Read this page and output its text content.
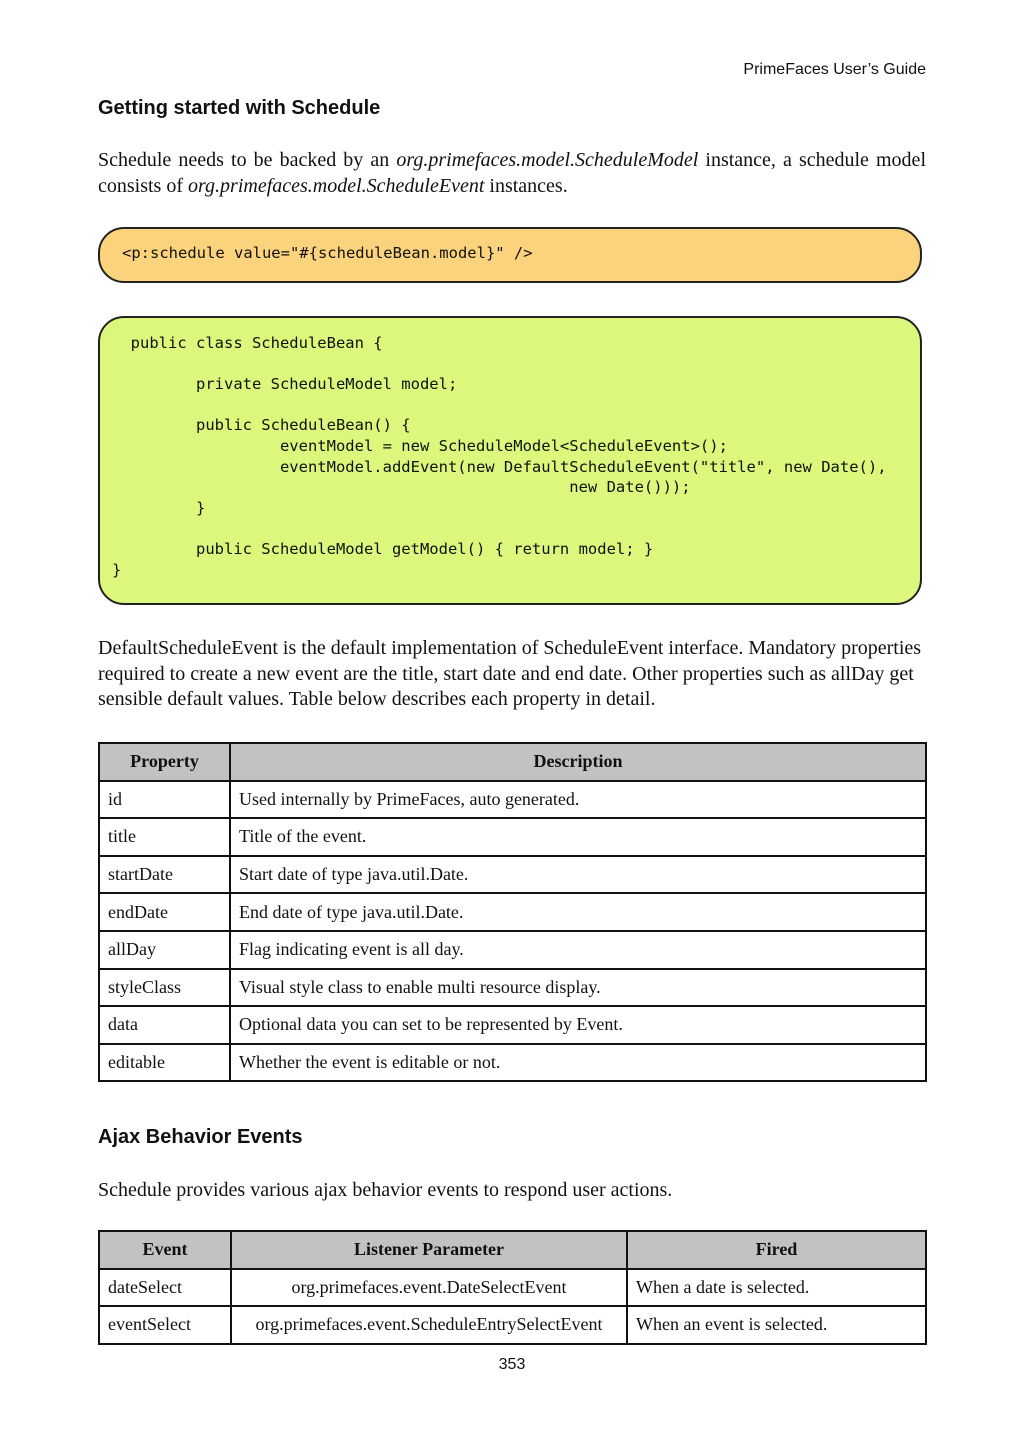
PrimeFaces User’s Guide
Getting started with Schedule
Schedule needs to be backed by an org.primefaces.model.ScheduleModel instance, a schedule model consists of org.primefaces.model.ScheduleEvent instances.
<p:schedule value="#{scheduleBean.model}" />
public class ScheduleBean {

private ScheduleModel model;

public ScheduleBean() {
eventModel = new ScheduleModel<ScheduleEvent>();
eventModel.addEvent(new DefaultScheduleEvent("title", new Date(),
new Date()));
}

public ScheduleModel getModel() { return model; }
}
DefaultScheduleEvent is the default implementation of ScheduleEvent interface. Mandatory properties required to create a new event are the title, start date and end date. Other properties such as allDay get sensible default values. Table below describes each property in detail.
Property	Description
id	Used internally by PrimeFaces, auto generated.
title	Title of the event.
startDate	Start date of type java.util.Date.
endDate	End date of type java.util.Date.
allDay	Flag indicating event is all day.
styleClass	Visual style class to enable multi resource display.
data	Optional data you can set to be represented by Event.
editable	Whether the event is editable or not.
Ajax Behavior Events
Schedule provides various ajax behavior events to respond user actions.
Event	Listener Parameter	Fired
dateSelect	org.primefaces.event.DateSelectEvent	When a date is selected.
eventSelect	org.primefaces.event.ScheduleEntrySelectEvent	When an event is selected.
353
